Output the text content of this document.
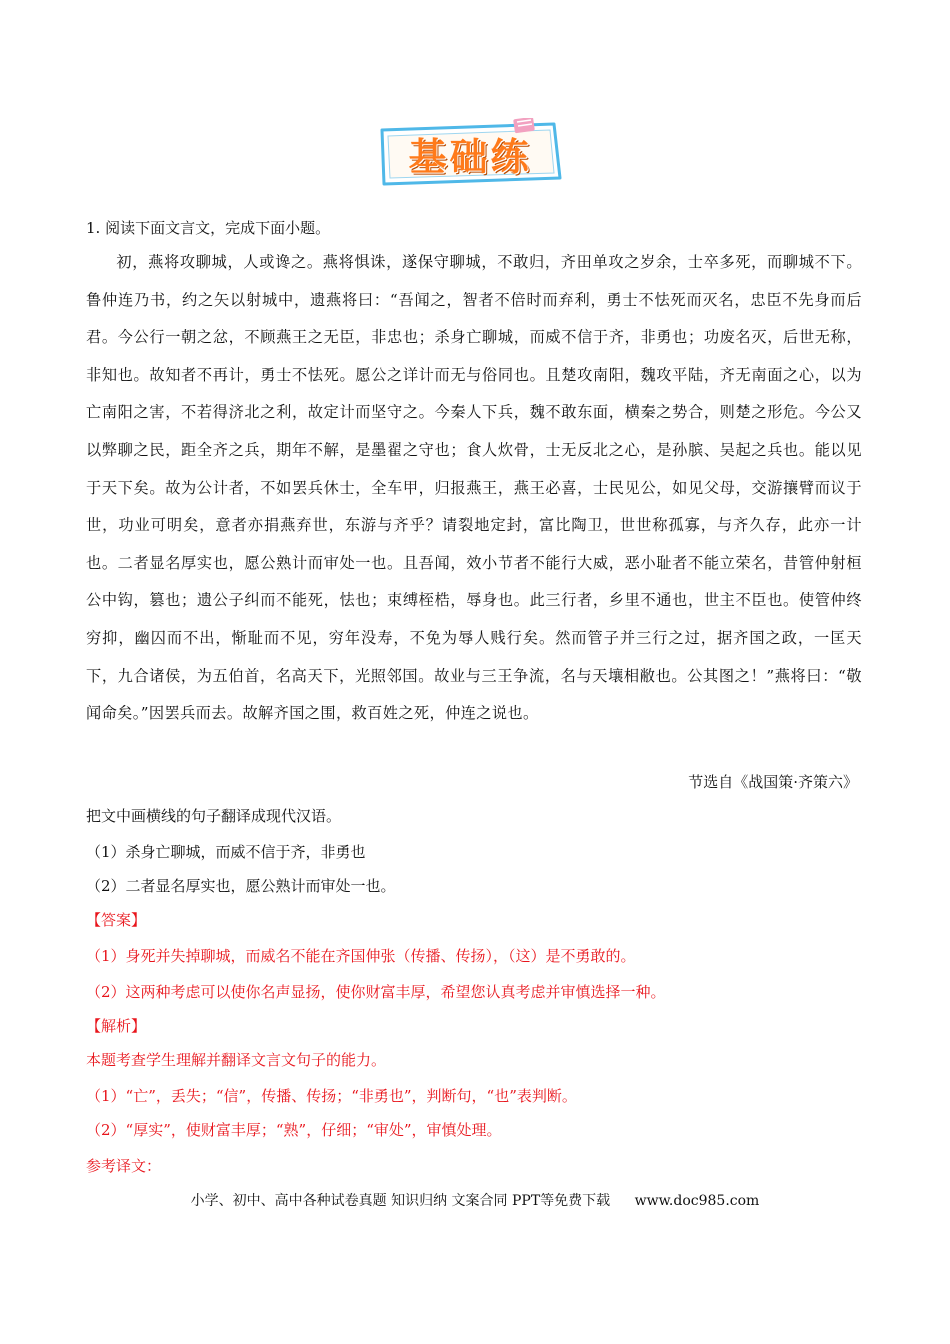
基础练
1. 阅读下面文言文，完成下面小题。

初，燕将攻聊城，人或谗之。燕将惧诛，遂保守聊城，不敢归，齐田单攻之岁余，士卒多死，而聊城不下。鲁仲连乃书，约之矢以射城中，遗燕将曰：“吾闻之，智者不倍时而弃利，勇士不怯死而灭名，忠臣不先身而后君。今公行一朝之忿，不顾燕王之无臣，非忠也；杀身亡聊城，而威不信于齐，非勇也；功废名灭，后世无称，非知也。故知者不再计，勇士不怯死。愿公之详计而无与俗同也。且楚攻南阳，魏攻平陆，齐无南面之心，以为亡南阳之害，不若得济北之利，故定计而坚守之。今秦人下兵，魏不敢东面，横秦之势合，则楚之形危。今公又以弊聊之民，距全齐之兵，期年不解，是墨翟之守也；食人炊骨，士无反北之心，是孙膑、吴起之兵也。能以见于天下矣。故为公计者，不如罢兵休士，全车甲，归报燕王，燕王必喜，士民见公，如见父母，交游攘臂而议于世，功业可明矣，意者亦捐燕弃世，东游与齐乎？请裂地定封，富比陶卫，世世称孤寡，与齐久存，此亦一计也。二者显名厚实也，愿公熟计而审处一也。且吾闻，效小节者不能行大威，恶小耻者不能立荣名，昔管仲射桓公中钩，篡也；遗公子纠而不能死，怯也；束缚桎梏，辱身也。此三行者，乡里不通也，世主不臣也。使管仲终穷抑，幽囚而不出，惭耻而不见，穷年没寿，不免为辱人贱行矣。然而管子并三行之过，据齐国之政，一匡天下，九合诸侯，为五伯首，名高天下，光照邻国。故业与三王争流，名与天壤相敝也。公其图之！”燕将曰：“敬闻命矣。”因罢兵而去。故解齐国之围，救百姓之死，仲连之说也。

节选自《战国策·齐策六》
把文中画横线的句子翻译成现代汉语。
（1）杀身亡聊城，而威不信于齐，非勇也
（2）二者显名厚实也，愿公熟计而审处一也。
【答案】
（1）身死并失掉聊城，而威名不能在齐国伸张（传播、传扬），（这）是不勇敢的。
（2）这两种考虑可以使你名声显扬，使你财富丰厚，希望您认真考虑并审慎选择一种。
【解析】
本题考查学生理解并翻译文言文句子的能力。
（1）“亡”，丢失；“信”，传播、传扬；“非勇也”，判断句，“也”表判断。
（2）“厚实”，使财富丰厚；“熟”，仔细；“审处”，审慎处理。
参考译文：
小学、初中、高中各种试卷真题 知识归纳 文案合同 PPT等免费下载 www.doc985.com
